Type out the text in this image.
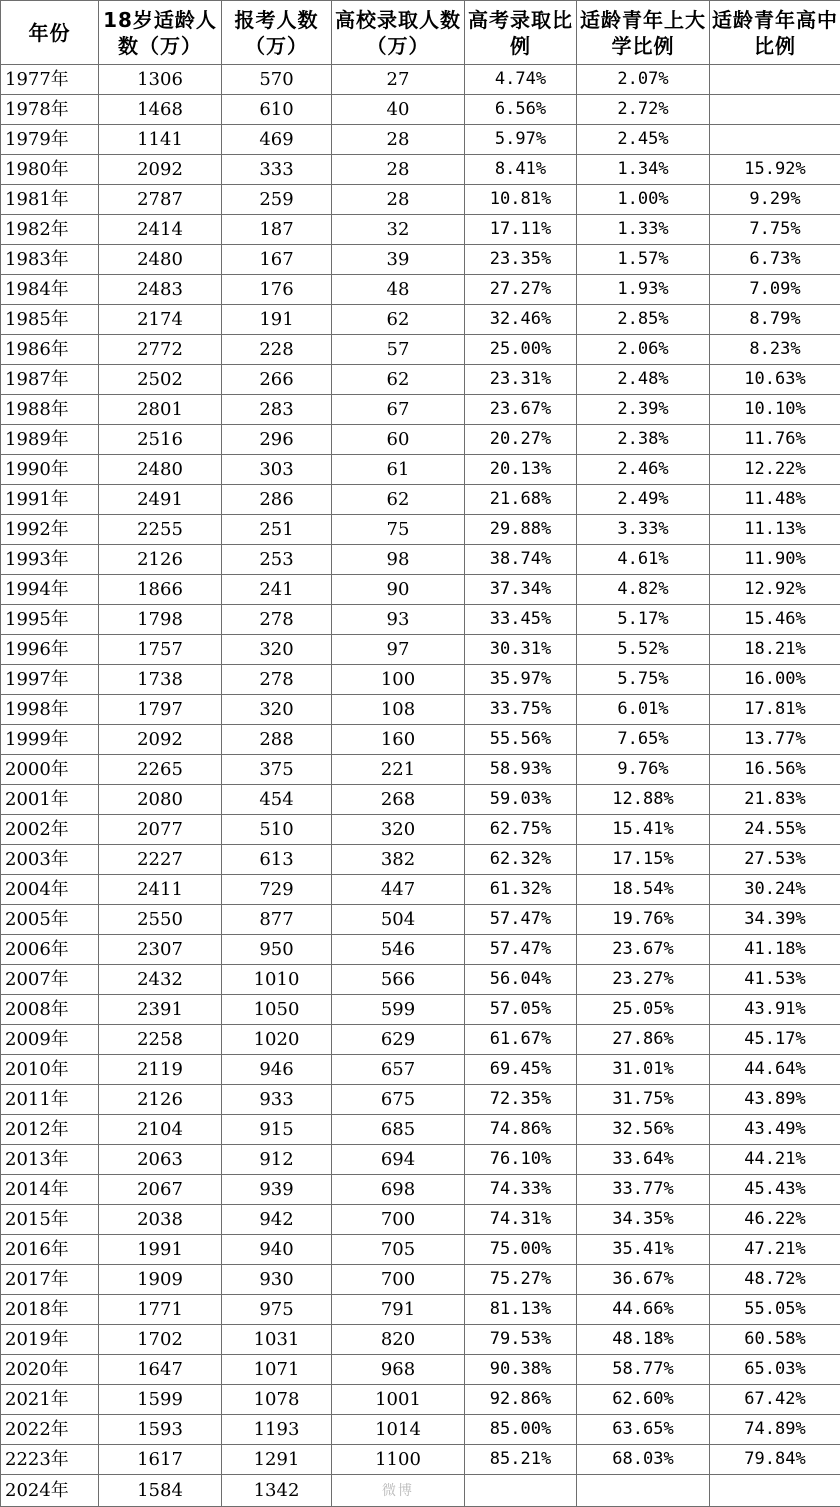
年份	18岁适龄人数（万）	报考人数（万）	高校录取人数（万）	高考录取比例	适龄青年上大学比例	适龄青年高中比例
1977年	1306	570	27	4.74%	2.07%	
1978年	1468	610	40	6.56%	2.72%	
1979年	1141	469	28	5.97%	2.45%	
1980年	2092	333	28	8.41%	1.34%	15.92%
1981年	2787	259	28	10.81%	1.00%	9.29%
1982年	2414	187	32	17.11%	1.33%	7.75%
1983年	2480	167	39	23.35%	1.57%	6.73%
1984年	2483	176	48	27.27%	1.93%	7.09%
1985年	2174	191	62	32.46%	2.85%	8.79%
1986年	2772	228	57	25.00%	2.06%	8.23%
1987年	2502	266	62	23.31%	2.48%	10.63%
1988年	2801	283	67	23.67%	2.39%	10.10%
1989年	2516	296	60	20.27%	2.38%	11.76%
1990年	2480	303	61	20.13%	2.46%	12.22%
1991年	2491	286	62	21.68%	2.49%	11.48%
1992年	2255	251	75	29.88%	3.33%	11.13%
1993年	2126	253	98	38.74%	4.61%	11.90%
1994年	1866	241	90	37.34%	4.82%	12.92%
1995年	1798	278	93	33.45%	5.17%	15.46%
1996年	1757	320	97	30.31%	5.52%	18.21%
1997年	1738	278	100	35.97%	5.75%	16.00%
1998年	1797	320	108	33.75%	6.01%	17.81%
1999年	2092	288	160	55.56%	7.65%	13.77%
2000年	2265	375	221	58.93%	9.76%	16.56%
2001年	2080	454	268	59.03%	12.88%	21.83%
2002年	2077	510	320	62.75%	15.41%	24.55%
2003年	2227	613	382	62.32%	17.15%	27.53%
2004年	2411	729	447	61.32%	18.54%	30.24%
2005年	2550	877	504	57.47%	19.76%	34.39%
2006年	2307	950	546	57.47%	23.67%	41.18%
2007年	2432	1010	566	56.04%	23.27%	41.53%
2008年	2391	1050	599	57.05%	25.05%	43.91%
2009年	2258	1020	629	61.67%	27.86%	45.17%
2010年	2119	946	657	69.45%	31.01%	44.64%
2011年	2126	933	675	72.35%	31.75%	43.89%
2012年	2104	915	685	74.86%	32.56%	43.49%
2013年	2063	912	694	76.10%	33.64%	44.21%
2014年	2067	939	698	74.33%	33.77%	45.43%
2015年	2038	942	700	74.31%	34.35%	46.22%
2016年	1991	940	705	75.00%	35.41%	47.21%
2017年	1909	930	700	75.27%	36.67%	48.72%
2018年	1771	975	791	81.13%	44.66%	55.05%
2019年	1702	1031	820	79.53%	48.18%	60.58%
2020年	1647	1071	968	90.38%	58.77%	65.03%
2021年	1599	1078	1001	92.86%	62.60%	67.42%
2022年	1593	1193	1014	85.00%	63.65%	74.89%
2223年	1617	1291	1100	85.21%	68.03%	79.84%
2024年	1584	1342	微博			
